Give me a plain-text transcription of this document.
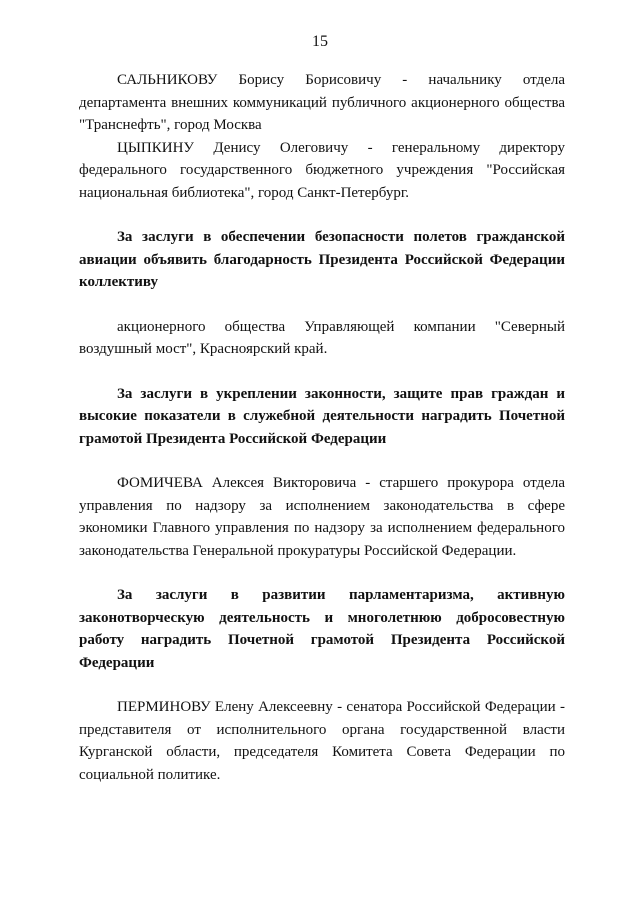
15

САЛЬНИКОВУ Борису Борисовичу - начальнику отдела департамента внешних коммуникаций публичного акционерного общества "Транснефть", город Москва

ЦЫПКИНУ Денису Олеговичу - генеральному директору федерального государственного бюджетного учреждения "Российская национальная библиотека", город Санкт-Петербург.

За заслуги в обеспечении безопасности полетов гражданской авиации объявить благодарность Президента Российской Федерации коллективу

акционерного общества Управляющей компании "Северный воздушный мост", Красноярский край.

За заслуги в укреплении законности, защите прав граждан и высокие показатели в служебной деятельности наградить Почетной грамотой Президента Российской Федерации

ФОМИЧЕВА Алексея Викторовича - старшего прокурора отдела управления по надзору за исполнением законодательства в сфере экономики Главного управления по надзору за исполнением федерального законодательства Генеральной прокуратуры Российской Федерации.

За заслуги в развитии парламентаризма, активную законотворческую деятельность и многолетнюю добросовестную работу наградить Почетной грамотой Президента Российской Федерации

ПЕРМИНОВУ Елену Алексеевну - сенатора Российской Федерации - представителя от исполнительного органа государственной власти Курганской области, председателя Комитета Совета Федерации по социальной политике.
